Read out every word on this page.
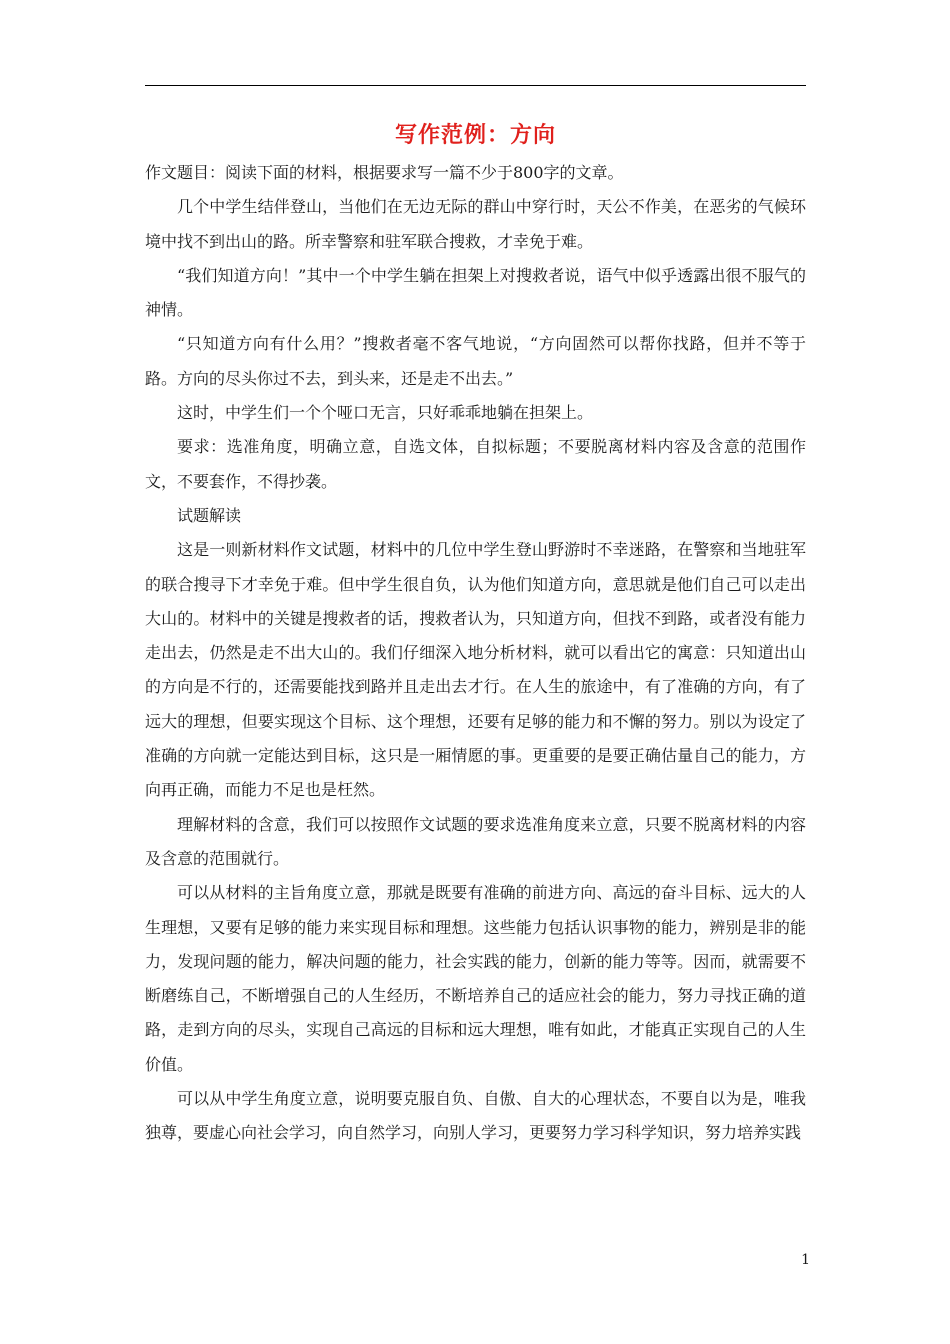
写作范例：方向

作文题目：阅读下面的材料，根据要求写一篇不少于800字的文章。

几个中学生结伴登山，当他们在无边无际的群山中穿行时，天公不作美，在恶劣的气候环境中找不到出山的路。所幸警察和驻军联合搜救，才幸免于难。

“我们知道方向！”其中一个中学生躺在担架上对搜救者说，语气中似乎透露出很不服气的神情。

“只知道方向有什么用？”搜救者毫不客气地说，“方向固然可以帮你找路，但并不等于路。方向的尽头你过不去，到头来，还是走不出去。”

这时，中学生们一个个哑口无言，只好乖乖地躺在担架上。

要求：选准角度，明确立意，自选文体，自拟标题；不要脱离材料内容及含意的范围作文，不要套作，不得抄袭。

试题解读

这是一则新材料作文试题，材料中的几位中学生登山野游时不幸迷路，在警察和当地驻军的联合搜寻下才幸免于难。但中学生很自负，认为他们知道方向，意思就是他们自己可以走出大山的。材料中的关键是搜救者的话，搜救者认为，只知道方向，但找不到路，或者没有能力走出去，仍然是走不出大山的。我们仔细深入地分析材料，就可以看出它的寓意：只知道出山的方向是不行的，还需要能找到路并且走出去才行。在人生的旅途中，有了准确的方向，有了远大的理想，但要实现这个目标、这个理想，还要有足够的能力和不懈的努力。别以为设定了准确的方向就一定能达到目标，这只是一厢情愿的事。更重要的是要正确估量自己的能力，方向再正确，而能力不足也是枉然。

理解材料的含意，我们可以按照作文试题的要求选准角度来立意，只要不脱离材料的内容及含意的范围就行。

可以从材料的主旨角度立意，那就是既要有准确的前进方向、高远的奋斗目标、远大的人生理想，又要有足够的能力来实现目标和理想。这些能力包括认识事物的能力，辨别是非的能力，发现问题的能力，解决问题的能力，社会实践的能力，创新的能力等等。因而，就需要不断磨练自己，不断增强自己的人生经历，不断培养自己的适应社会的能力，努力寻找正确的道路，走到方向的尽头，实现自己高远的目标和远大理想，唯有如此，才能真正实现自己的人生价值。

可以从中学生角度立意，说明要克服自负、自傲、自大的心理状态，不要自以为是，唯我独尊，要虚心向社会学习，向自然学习，向别人学习，更要努力学习科学知识，努力培养实践

1
